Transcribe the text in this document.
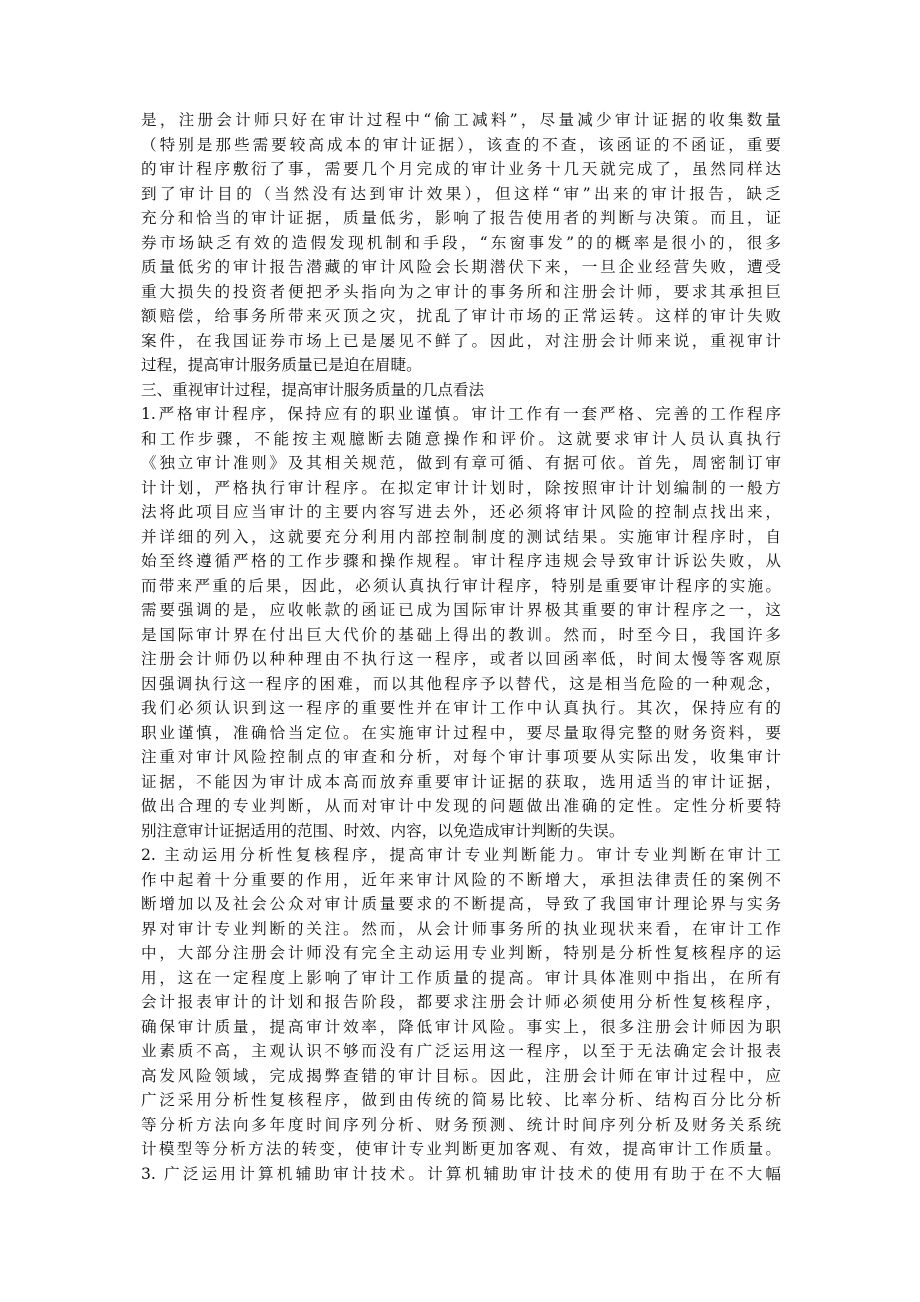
是，注册会计师只好在审计过程中“偷工减料”，尽量减少审计证据的收集数量
（特别是那些需要较高成本的审计证据），该查的不查，该函证的不函证，重要
的审计程序敷衍了事，需要几个月完成的审计业务十几天就完成了，虽然同样达
到了审计目的（当然没有达到审计效果），但这样“审”出来的审计报告，缺乏
充分和恰当的审计证据，质量低劣，影响了报告使用者的判断与决策。而且，证
券市场缺乏有效的造假发现机制和手段，“东窗事发”的的概率是很小的，很多
质量低劣的审计报告潜藏的审计风险会长期潜伏下来，一旦企业经营失败，遭受
重大损失的投资者便把矛头指向为之审计的事务所和注册会计师，要求其承担巨
额赔偿，给事务所带来灭顶之灾，扰乱了审计市场的正常运转。这样的审计失败
案件，在我国证券市场上已是屡见不鲜了。因此，对注册会计师来说，重视审计
过程，提高审计服务质量已是迫在眉睫。
三、重视审计过程，提高审计服务质量的几点看法
1.严格审计程序，保持应有的职业谨慎。审计工作有一套严格、完善的工作程序
和工作步骤，不能按主观臆断去随意操作和评价。这就要求审计人员认真执行
《独立审计准则》及其相关规范，做到有章可循、有据可依。首先，周密制订审
计计划，严格执行审计程序。在拟定审计计划时，除按照审计计划编制的一般方
法将此项目应当审计的主要内容写进去外，还必须将审计风险的控制点找出来，
并详细的列入，这就要充分利用内部控制制度的测试结果。实施审计程序时，自
始至终遵循严格的工作步骤和操作规程。审计程序违规会导致审计诉讼失败，从
而带来严重的后果，因此，必须认真执行审计程序，特别是重要审计程序的实施。
需要强调的是，应收帐款的函证已成为国际审计界极其重要的审计程序之一，这
是国际审计界在付出巨大代价的基础上得出的教训。然而，时至今日，我国许多
注册会计师仍以种种理由不执行这一程序，或者以回函率低，时间太慢等客观原
因强调执行这一程序的困难，而以其他程序予以替代，这是相当危险的一种观念，
我们必须认识到这一程序的重要性并在审计工作中认真执行。其次，保持应有的
职业谨慎，准确恰当定位。在实施审计过程中，要尽量取得完整的财务资料，要
注重对审计风险控制点的审查和分析，对每个审计事项要从实际出发，收集审计
证据，不能因为审计成本高而放弃重要审计证据的获取，选用适当的审计证据，
做出合理的专业判断，从而对审计中发现的问题做出准确的定性。定性分析要特
别注意审计证据适用的范围、时效、内容，以免造成审计判断的失误。
2. 主动运用分析性复核程序，提高审计专业判断能力。审计专业判断在审计工
作中起着十分重要的作用，近年来审计风险的不断增大，承担法律责任的案例不
断增加以及社会公众对审计质量要求的不断提高，导致了我国审计理论界与实务
界对审计专业判断的关注。然而，从会计师事务所的执业现状来看，在审计工作
中，大部分注册会计师没有完全主动运用专业判断，特别是分析性复核程序的运
用，这在一定程度上影响了审计工作质量的提高。审计具体准则中指出，在所有
会计报表审计的计划和报告阶段，都要求注册会计师必须使用分析性复核程序，
确保审计质量，提高审计效率，降低审计风险。事实上，很多注册会计师因为职
业素质不高，主观认识不够而没有广泛运用这一程序，以至于无法确定会计报表
高发风险领域，完成揭弊查错的审计目标。因此，注册会计师在审计过程中，应
广泛采用分析性复核程序，做到由传统的简易比较、比率分析、结构百分比分析
等分析方法向多年度时间序列分析、财务预测、统计时间序列分析及财务关系统
计模型等分析方法的转变，使审计专业判断更加客观、有效，提高审计工作质量。
3. 广泛运用计算机辅助审计技术。计算机辅助审计技术的使用有助于在不大幅
